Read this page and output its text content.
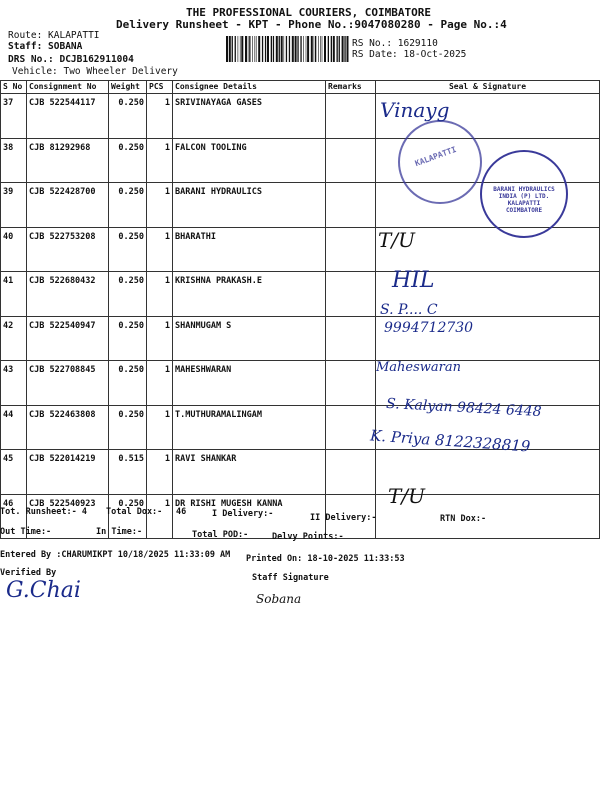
THE PROFESSIONAL COURIERS, COIMBATORE
Delivery Runsheet - KPT - Phone No.:9047080280 - Page No.:4
Route: KALAPATTI
Staff: SOBANA
DRS No.: DCJB162911004
Vehicle: Two Wheeler Delivery
RS No.: 1629110
RS Date: 18-Oct-2025
S No	Consignment No	Weight	PCS	Consignee Details	Remarks	Seal & Signature
37	CJB 522544117	0.250	1	SRIVINAYAGA GASES		
38	CJB 81292968	0.250	1	FALCON TOOLING		
39	CJB 522428700	0.250	1	BARANI HYDRAULICS		
40	CJB 522753208	0.250	1	BHARATHI		
41	CJB 522680432	0.250	1	KRISHNA PRAKASH.E		
42	CJB 522540947	0.250	1	SHANMUGAM S		
43	CJB 522708845	0.250	1	MAHESHWARAN		
44	CJB 522463808	0.250	1	T.MUTHURAMALINGAM		
45	CJB 522014219	0.515	1	RAVI SHANKAR		
46	CJB 522540923	0.250	1	DR RISHI MUGESH KANNA		
KALAPATTI
BARANI HYDRAULICS INDIA (P) LTD. KALAPATTI COIMBATORE
Vinayg
T/U
HIL
S. P.... C
9994712730
Maheswaran
S. Kalyan 98424 6448
K. Priya 8122328819
T/U
Tot. Runsheet:- 4 Total Dox:- 46	I Delivery:-	II Delivery:-	RTN Dox:-
Out Time:-	In Time:-	Total POD:-	Delvy Points:-
Entered By :CHARUMIKPT 10/18/2025 11:33:09 AM Printed On: 18-10-2025 11:33:53
Verified By	Staff Signature
G.Chai	Sobana
